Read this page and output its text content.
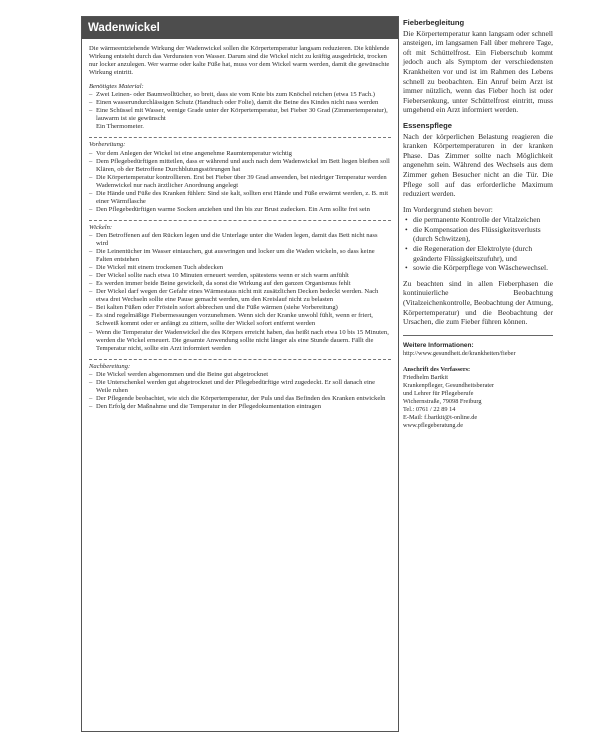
Wadenwickel

Die wärmeentziehende Wirkung der Wadenwickel sollen die Körpertemperatur langsam reduzieren. Die kühlende Wirkung entsteht durch das Verdunsten von Wasser. Darum sind die Wickel nicht zu kräftig ausgedrückt, trocken nur locker anzulegen. Wer warme oder kalte Füße hat, muss vor dem Wickel warm werden, damit die gewünschte Wirkung eintritt.

Benötigtes Material:
– Zwei Leinen- oder Baumwolltücher, so breit, dass sie vom Knie bis zum Knöchel reichen (etwa 15 Fach.)
– Einen wasserundurchlässigen Schutz (Handtuch oder Folie), damit die Beine des Kindes nicht nass werden
– Eine Schüssel mit Wasser, wenige Grade unter der Körpertemperatur, bei Fieber 30 Grad (Zimmertemperatur), lauwarm ist sie gewünscht
Ein Thermometer.
Vorbereitung:
– Vor dem Anlegen der Wickel ist eine angenehme Raumtemperatur wichtig
– Dem Pflegebedürftigen mitteilen, dass er während und auch nach dem Wadenwickel im Bett liegen bleiben soll
Klären, ob der Betroffene Durchblutungsstörungen hat
– Die Körpertemperatur kontrollieren. Erst bei Fieber über 39 Grad anwenden, bei niedriger Temperatur werden Wadenwickel nur nach ärztlicher Anordnung angelegt
– Die Hände und Füße des Kranken fühlen: Sind sie kalt, sollten erst Hände und Füße erwärmt werden, z. B. mit einer Wärmflasche
– Den Pflegebedürftigen warme Socken anziehen und ihn bis zur Brust zudecken. Ein Arm sollte frei sein
Wickeln:
– Den Betroffenen auf den Rücken legen und die Unterlage unter die Waden legen, damit das Bett nicht nass wird
– Die Leinentücher im Wasser eintauchen, gut auswringen und locker um die Waden wickeln, so dass keine Falten entstehen
– Die Wickel mit einem trockenen Tuch abdecken
– Der Wickel sollte nach etwa 10 Minuten erneuert werden, spätestens wenn er sich warm anfühlt
– Es werden immer beide Beine gewickelt, da sonst die Wirkung auf den ganzen Organismus fehlt
– Der Wickel darf wegen der Gefahr eines Wärmestaus nicht mit zusätzlichen Decken bedeckt werden. Nach etwa drei Wechseln sollte eine Pause gemacht werden, um den Kreislauf nicht zu belasten
– Bei kalten Füßen oder Frösteln sofort abbrechen und die Füße wärmen (siehe Vorbereitung)
– Es sind regelmäßige Fiebermessungen vorzunehmen. Wenn sich der Kranke unwohl fühlt, wenn er friert, Schweiß kommt oder er anfängt zu zittern, sollte der Wickel sofort entfernt werden
– Wenn die Temperatur der Wadenwickel die des Körpers erreicht haben, das heißt nach etwa 10 bis 15 Minuten, werden die Wickel erneuert. Die gesamte Anwendung sollte nicht länger als eine Stunde dauern. Fällt die Temperatur nicht, sollte ein Arzt informiert werden
Nachbereitung:
– Die Wickel werden abgenommen und die Beine gut abgetrocknet
– Die Unterschenkel werden gut abgetrocknet und der Pflegebedürftige wird zugedeckt. Er soll danach eine Weile ruhen
– Der Pflegende beobachtet, wie sich die Körpertemperatur, der Puls und das Befinden des Kranken entwickeln
– Den Erfolg der Maßnahme und die Temperatur in der Pflegedokumentation eintragen
Fieberbegleitung

Die Körpertemperatur kann langsam oder schnell ansteigen, im langsamen Fall über mehrere Tage, oft mit Schüttelfrost. Ein Fieberschub kommt jedoch auch als Symptom der verschiedensten Krankheiten vor und ist im Rahmen des Lebens schnell zu beobachten. Ein Anruf beim Arzt ist immer nützlich, wenn das Fieber hoch ist oder Fiebersenkung, unter Schüttelfrost eintritt, muss umgehend ein Arzt informiert werden.

Essenspflege

Nach der körperlichen Belastung reagieren die kranken Körpertemperaturen in der kranken Phase. Das Zimmer sollte nach Möglichkeit angenehm sein. Während des Wechsels aus dem Zimmer gehen Besucher nicht an die Tür. Die Pflege soll auf das erforderliche Maximum reduziert werden.

Im Vordergrund stehen bevor:

• die permanente Kontrolle der Vitalzeichen
• die Kompensation des Flüssigkeitsverlusts (durch Schwitzen),
• die Regeneration der Elektrolyte (durch geänderte Flüssigkeitszufuhr), und
• sowie die Körperpflege von Wäschewechsel.

Zu beachten sind in allen Fieberphasen die kontinuierliche Beobachtung (Vitalzeichenkontrolle, Beobachtung der Atmung, Körpertemperatur) und die Beobachtung der Ursachen, die zum Fieber führen können.

Weitere Informationen:
http://www.gesundheit.de/krankheiten/fieber
Anschrift des Verfassers:
Friedhelm Bartkit
Krankenpfleger, Gesundheitsberater
und Lehrer für Pflegeberufe
Wichernstraße, 79098 Freiburg
Tel.: 0761 / 22 89 14
E-Mail: f.bartkit@t-online.de
www.pflegeberatung.de
